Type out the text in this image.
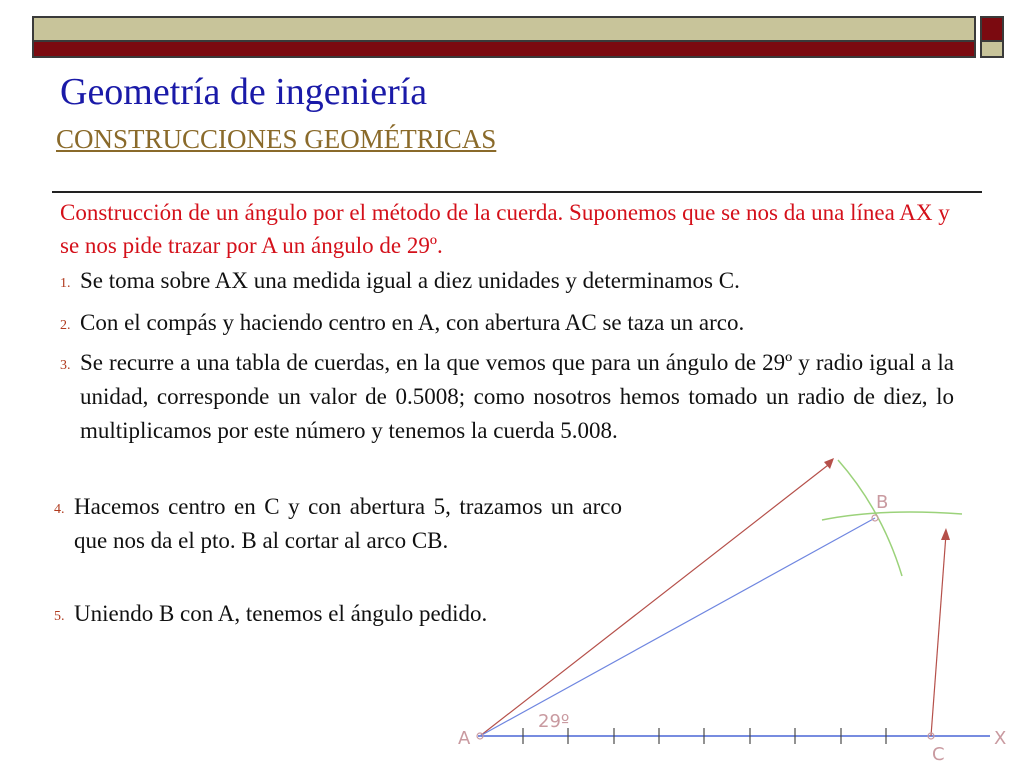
Geometría de ingeniería
CONSTRUCCIONES GEOMÉTRICAS

Construcción de un ángulo por el método de la cuerda. Suponemos que se nos da una línea AX y se nos pide trazar por A un ángulo de 29º.

A
B
C
X
29º
1. Se toma sobre AX una medida igual a diez unidades y determinamos C.
2. Con el compás y haciendo centro en A, con abertura AC se taza un arco.
3. Se recurre a una tabla de cuerdas, en la que vemos que para un ángulo de 29º y radio igual a la unidad, corresponde un valor de 0.5008; como nosotros hemos tomado un radio de diez, lo multiplicamos por este número y tenemos la cuerda 5.008.
4. Hacemos centro en C y con abertura 5, trazamos un arco que nos da el pto. B al cortar al arco CB.
5. Uniendo B con A, tenemos el ángulo pedido.
